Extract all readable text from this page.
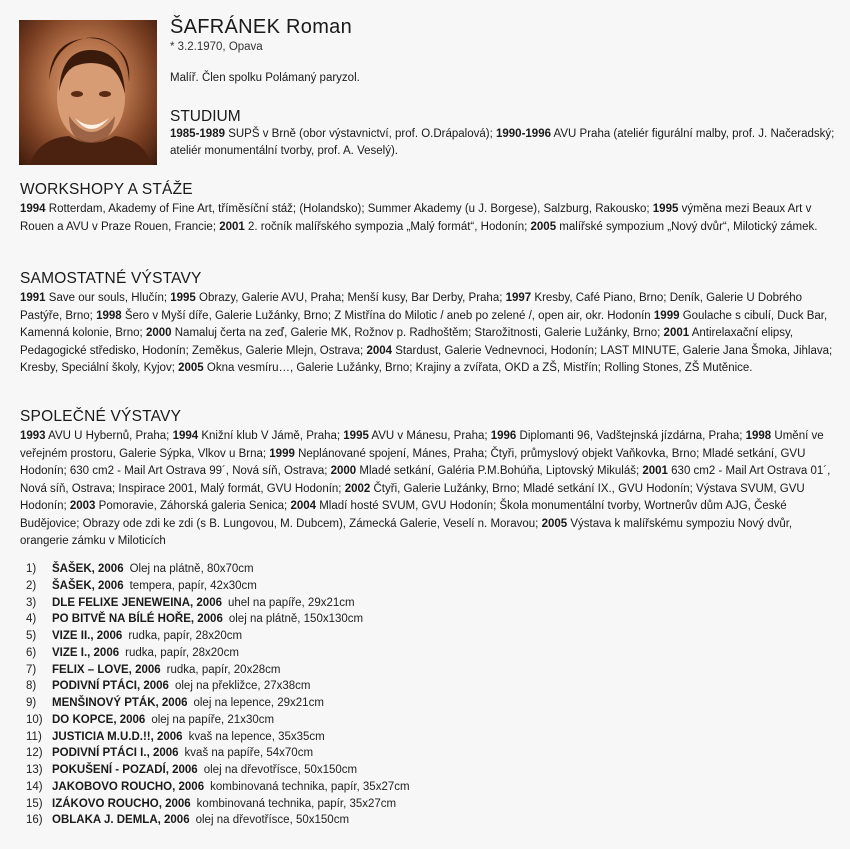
ŠAFRÁNEK Roman
* 3.2.1970, Opava
Malíř. Člen spolku Polámaný paryzol.
STUDIUM
1985-1989 SUPŠ v Brně (obor výstavnictví, prof. O.Drápalová); 1990-1996 AVU Praha (ateliér figurální malby, prof. J. Načeradský; ateliér monumentální tvorby, prof. A. Veselý).
WORKSHOPY A STÁŽE

1994 Rotterdam, Akademy of Fine Art, tříměsíční stáž; (Holandsko); Summer Akademy (u J. Borgese), Salzburg, Rakousko; 1995 výměna mezi Beaux Art v Rouen a AVU v Praze Rouen, Francie; 2001 2. ročník malířského sympozia „Malý formát“, Hodonín; 2005 malířské sympozium „Nový dvůr“, Milotický zámek.

SAMOSTATNÉ VÝSTAVY

1991 Save our souls, Hlučín; 1995 Obrazy, Galerie AVU, Praha; Menší kusy, Bar Derby, Praha; 1997 Kresby, Café Piano, Brno; Deník, Galerie U Dobrého Pastýře, Brno; 1998 Šero v Myší díře, Galerie Lužánky, Brno; Z Mistřína do Milotic / aneb po zelené /, open air, okr. Hodonín 1999 Goulache s cibulí, Duck Bar, Kamenná kolonie, Brno; 2000 Namaluj čerta na zeď, Galerie MK, Rožnov p. Radhoštěm; Starožitnosti, Galerie Lužánky, Brno; 2001 Antirelaxační elipsy, Pedagogické středisko, Hodonín; Zeměkus, Galerie Mlejn, Ostrava; 2004 Stardust, Galerie Vednevnoci, Hodonín; LAST MINUTE, Galerie Jana Šmoka, Jihlava; Kresby, Speciální školy, Kyjov; 2005 Okna vesmíru…, Galerie Lužánky, Brno; Krajiny a zvířata, OKD a ZŠ, Mistřín; Rolling Stones, ZŠ Mutěnice.

SPOLEČNÉ VÝSTAVY

1993 AVU U Hybernů, Praha; 1994 Knižní klub V Jámě, Praha; 1995 AVU v Mánesu, Praha; 1996 Diplomanti 96, Vadštejnská jízdárna, Praha; 1998 Umění ve veřejném prostoru, Galerie Sýpka, Vlkov u Brna; 1999 Neplánované spojení, Mánes, Praha; Čtyři, průmyslový objekt Vaňkovka, Brno; Mladé setkání, GVU Hodonín; 630 cm2 - Mail Art Ostrava 99´, Nová síň, Ostrava; 2000 Mladé setkání, Galéria P.M.Bohúňa, Liptovský Mikuláš; 2001 630 cm2 - Mail Art Ostrava 01´, Nová síň, Ostrava; Inspirace 2001, Malý formát, GVU Hodonín; 2002 Čtyři, Galerie Lužánky, Brno; Mladé setkání IX., GVU Hodonín; Výstava SVUM, GVU Hodonín; 2003 Pomoravie, Záhorská galeria Senica; 2004 Mladí hosté SVUM, GVU Hodonín; Škola monumentální tvorby, Wortnerův dům AJG, České Budějovice; Obrazy ode zdi ke zdi (s B. Lungovou, M. Dubcem), Zámecká Galerie, Veselí n. Moravou; 2005 Výstava k malířskému sympoziu Nový dvůr, orangerie zámku v Miloticích

1)	ŠAŠEK, 2006 Olej na plátně, 80x70cm
2)	ŠAŠEK, 2006 tempera, papír, 42x30cm
3)	DLE FELIXE JENEWEINA, 2006 uhel na papíře, 29x21cm
4)	PO BITVĚ NA BÍLÉ HOŘE, 2006 olej na plátně, 150x130cm
5)	VIZE II., 2006 rudka, papír, 28x20cm
6)	VIZE I., 2006 rudka, papír, 28x20cm
7)	FELIX – LOVE, 2006 rudka, papír, 20x28cm
8)	PODIVNÍ PTÁCI, 2006 olej na překližce, 27x38cm
9)	MENŠINOVÝ PTÁK, 2006 olej na lepence, 29x21cm
10) DO KOPCE, 2006 olej na papíře, 21x30cm
11) JUSTICIA M.U.D.!!, 2006 kvaš na lepence, 35x35cm
12) PODIVNÍ PTÁCI I., 2006 kvaš na papíře, 54x70cm
13) POKUŠENÍ - POZADÍ, 2006 olej na dřevotřísce, 50x150cm
14) JAKOBOVO ROUCHO, 2006 kombinovaná technika, papír, 35x27cm
15) IZÁKOVO ROUCHO, 2006 kombinovaná technika, papír, 35x27cm
16) OBLAKA J. DEMLA, 2006 olej na dřevotřísce, 50x150cm
